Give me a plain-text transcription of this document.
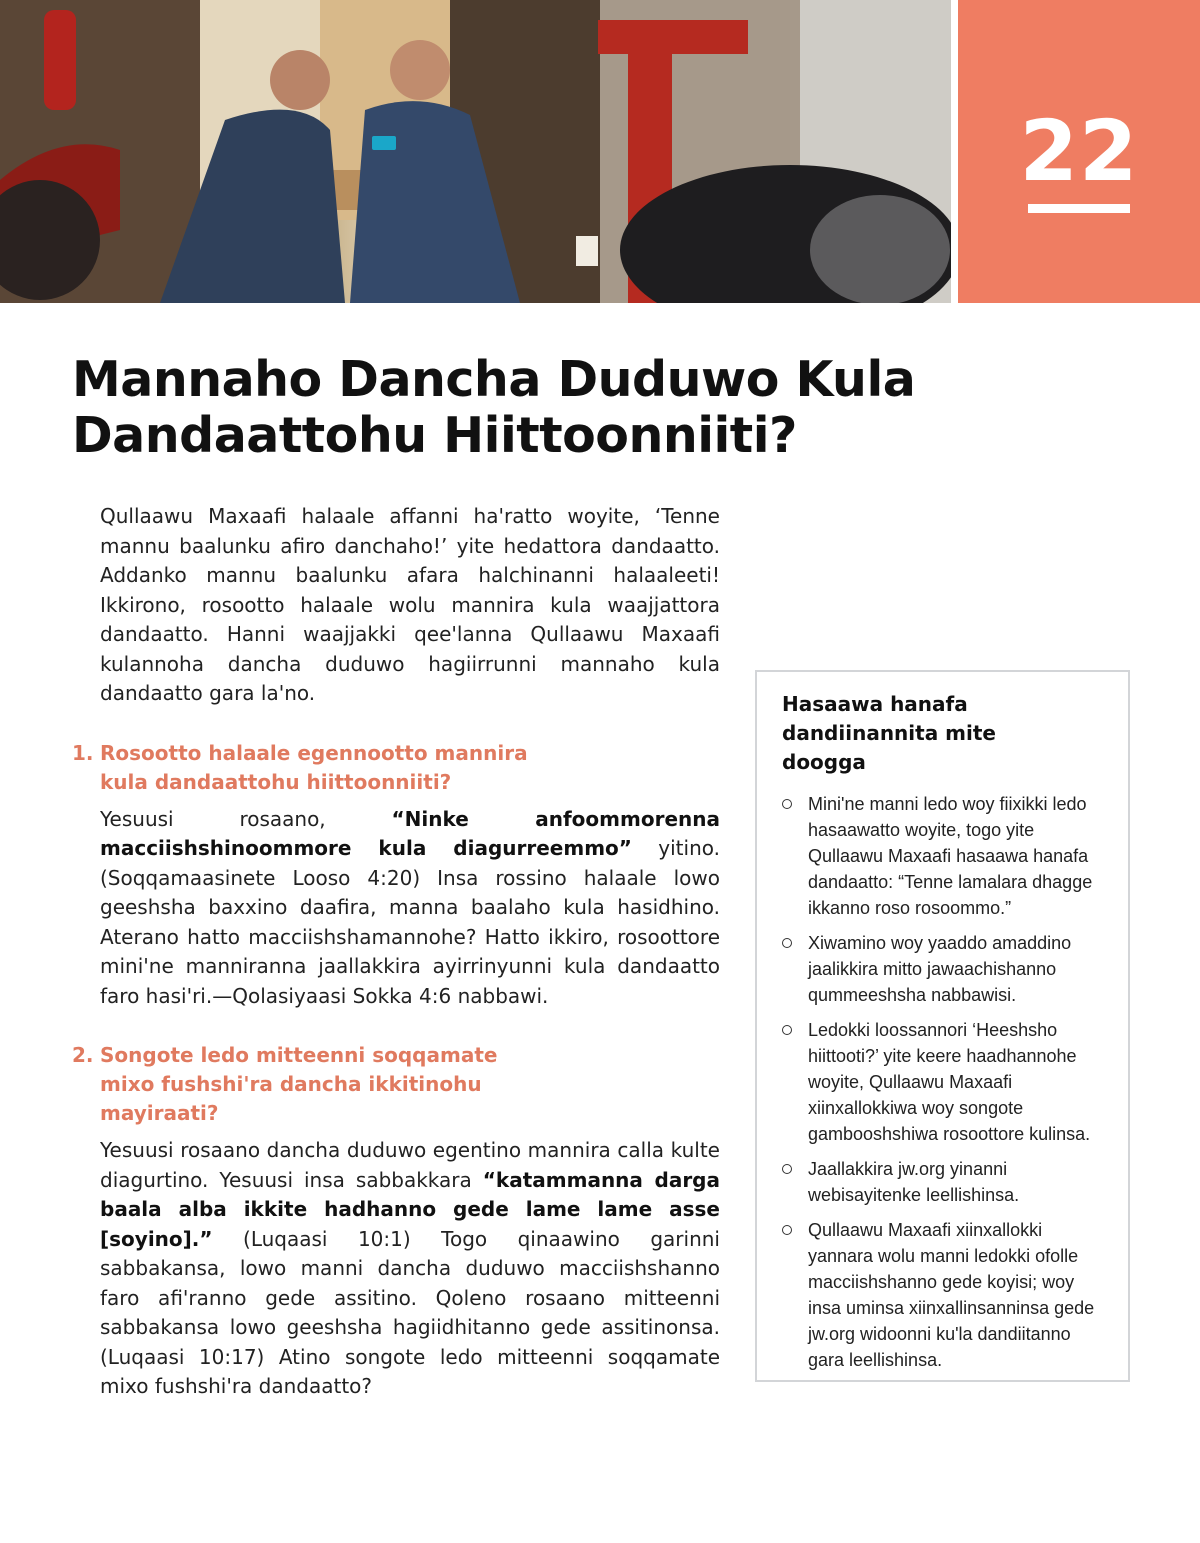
22
Mannaho Dancha Duduwo Kula
Dandaattohu Hiittoonniiti?

Qullaawu Maxaafi halaale affanni ha'ratto woyite, ‘Tenne mannu baalunku afiro danchaho!’ yite hedattora dandaatto. Addanko mannu baalunku afara halchinanni halaaleeti! Ikkirono, rosootto halaale wolu mannira kula waajjattora dandaatto. Hanni waajjakki qee'lanna Qullaawu Maxaafi kulannoha dancha duduwo hagiirrunni mannaho kula dandaatto gara la'no.

1. Rosootto halaale egennootto mannira kula dandaattohu hiittoonniiti?

Yesuusi rosaano, “Ninke anfoommorenna macciishshinoommore kula diagurreemmo” yitino. (Soqqamaasinete Looso 4:20) Insa rossino halaale lowo geeshsha baxxino daafira, manna baalaho kula hasidhino. Aterano hatto macciishshamannohe? Hatto ikkiro, rosoottore mini'ne manniranna jaallakkira ayirrinyunni kula dandaatto faro hasi'ri.—Qolasiyaasi Sokka 4:6 nabbawi.

2. Songote ledo mitteenni soqqamate mixo fushshi'ra dancha ikkitinohu mayiraati?

Yesuusi rosaano dancha duduwo egentino mannira calla kulte diagurtino. Yesuusi insa sabbakkara “katammanna darga baala alba ikkite hadhanno gede lame lame asse [soyino].” (Luqaasi 10:1) Togo qinaawino garinni sabbakansa, lowo manni dancha duduwo macciishshanno faro afi'ranno gede assitino. Qoleno rosaano mitteenni sabbakansa lowo geeshsha hagiidhitanno gede assitinonsa. (Luqaasi 10:17) Atino songote ledo mitteenni soqqamate mixo fushshi'ra dandaatto?

Hasaawa hanafa dandiinannita mite doogga
Mini'ne manni ledo woy fiixikki ledo hasaawatto woyite, togo yite Qullaawu Maxaafi hasaawa hanafa dandaatto: “Tenne lamalara dhagge ikkanno roso rosoommo.”
Xiwamino woy yaaddo amaddino jaalikkira mitto jawaachishanno qummeeshsha nabbawisi.
Ledokki loossannori ‘Heeshsho hiittooti?’ yite keere haadhannohe woyite, Qullaawu Maxaafi xiinxallokkiwa woy songote gambooshshiwa rosoottore kulinsa.
Jaallakkira jw.org yinanni webisayitenke leellishinsa.
Qullaawu Maxaafi xiinxallokki yannara wolu manni ledokki ofolle macciishshanno gede koyisi; woy insa uminsa xiinxallinsanninsa gede jw.org widoonni ku'la dandiitanno gara leellishinsa.
